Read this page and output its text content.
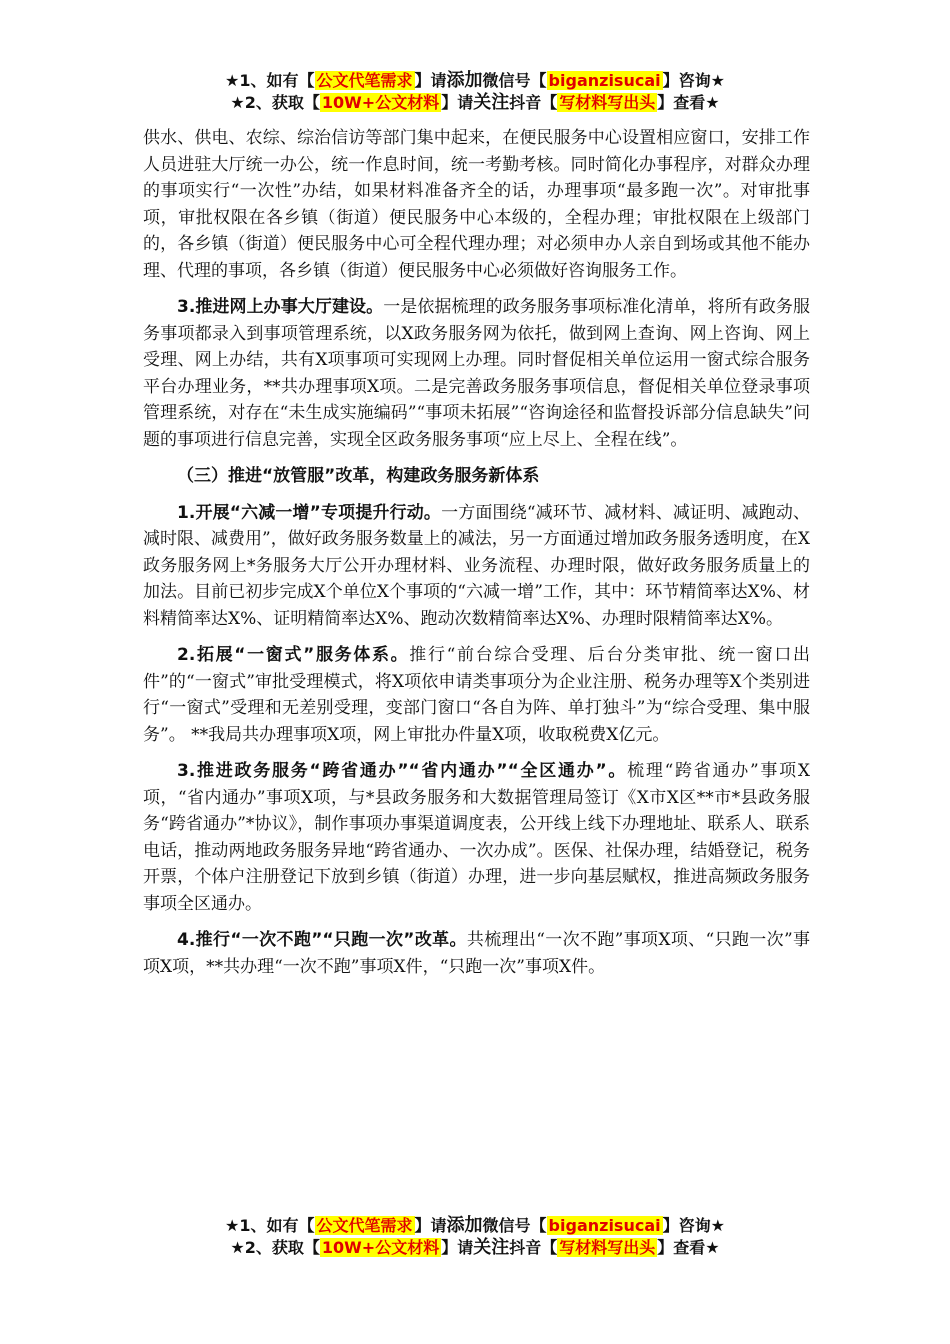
★1、如有【 公文代笔需求 】请添加微信号【 biganzisucai 】咨询★
★2、获取【 10W+公文材料 】请关注抖音【 写材料写出头 】查看★

供水、供电、农综、综治信访等部门集中起来，在便民服务中心设置相应窗口，安排工作人员进驻大厅统一办公，统一作息时间，统一考勤考核。同时简化办事程序，对群众办理的事项实行“一次性”办结，如果材料准备齐全的话，办理事项“最多跑一次”。对审批事项，审批权限在各乡镇（街道）便民服务中心本级的，全程办理；审批权限在上级部门的，各乡镇（街道）便民服务中心可全程代理办理；对必须申办人亲自到场或其他不能办理、代理的事项，各乡镇（街道）便民服务中心必须做好咨询服务工作。

3.推进网上办事大厅建设。一是依据梳理的政务服务事项标准化清单，将所有政务服务事项都录入到事项管理系统，以X政务服务网为依托，做到网上查询、网上咨询、网上受理、网上办结，共有X项事项可实现网上办理。同时督促相关单位运用一窗式综合服务平台办理业务，**共办理事项X项。二是完善政务服务事项信息，督促相关单位登录事项管理系统，对存在“未生成实施编码”“事项未拓展”“咨询途径和监督投诉部分信息缺失”问题的事项进行信息完善，实现全区政务服务事项“应上尽上、全程在线”。

（三）推进“放管服”改革，构建政务服务新体系

1.开展“六减一增”专项提升行动。一方面围绕“减环节、减材料、减证明、减跑动、减时限、减费用”，做好政务服务数量上的减法，另一方面通过增加政务服务透明度，在X政务服务网上*务服务大厅公开办理材料、业务流程、办理时限，做好政务服务质量上的加法。目前已初步完成X个单位X个事项的“六减一增”工作，其中：环节精简率达X%、材料精简率达X%、证明精简率达X%、跑动次数精简率达X%、办理时限精简率达X%。

2.拓展“一窗式”服务体系。推行“前台综合受理、后台分类审批、统一窗口出件”的“一窗式”审批受理模式，将X项依申请类事项分为企业注册、税务办理等X个类别进行“一窗式”受理和无差别受理，变部门窗口“各自为阵、单打独斗”为“综合受理、集中服务”。 **我局共办理事项X项，网上审批办件量X项，收取税费X亿元。

3.推进政务服务“跨省通办”“省内通办”“全区通办”。梳理“跨省通办”事项X项，“省内通办”事项X项，与*县政务服务和大数据管理局签订《X市X区**市*县政务服务“跨省通办”*协议》，制作事项办事渠道调度表，公开线上线下办理地址、联系人、联系电话，推动两地政务服务异地“跨省通办、一次办成”。医保、社保办理，结婚登记，税务开票，个体户注册登记下放到乡镇（街道）办理，进一步向基层赋权，推进高频政务服务事项全区通办。

4.推行“一次不跑”“只跑一次”改革。共梳理出“一次不跑”事项X项、“只跑一次”事项X项，**共办理“一次不跑”事项X件，“只跑一次”事项X件。

★1、如有【 公文代笔需求 】请添加微信号【 biganzisucai 】咨询★
★2、获取【 10W+公文材料 】请关注抖音【 写材料写出头 】查看★
